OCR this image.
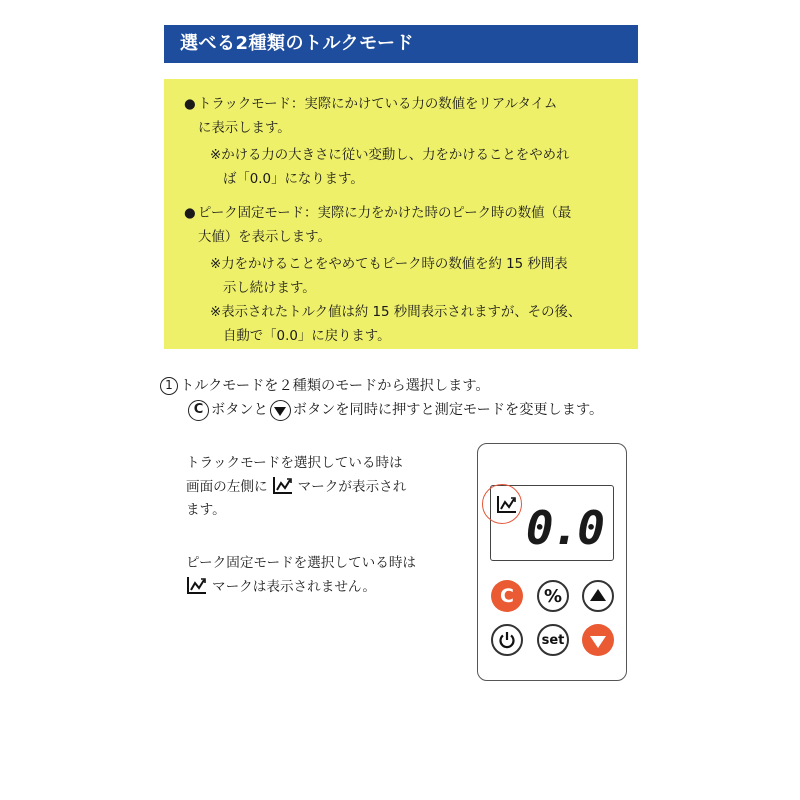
選べる2種類のトルクモード
● トラックモード：実際にかけている力の数値をリアルタイム
に表示します。
※かける力の大きさに従い変動し、力をかけることをやめれ
ば「0.0」になります。
● ピーク固定モード：実際に力をかけた時のピーク時の数値（最
大値）を表示します。
※力をかけることをやめてもピーク時の数値を約 15 秒間表
示し続けます。
※表示されたトルク値は約 15 秒間表示されますが、その後、
自動で「0.0」に戻ります。
1 トルクモードを２種類のモードから選択します。
C ボタンと ボタンを同時に押すと測定モードを変更します。
トラックモードを選択している時は
画面の左側に マークが表示され
ます。
ピーク固定モードを選択している時は
マークは表示されません。
0.0
C	%
set
